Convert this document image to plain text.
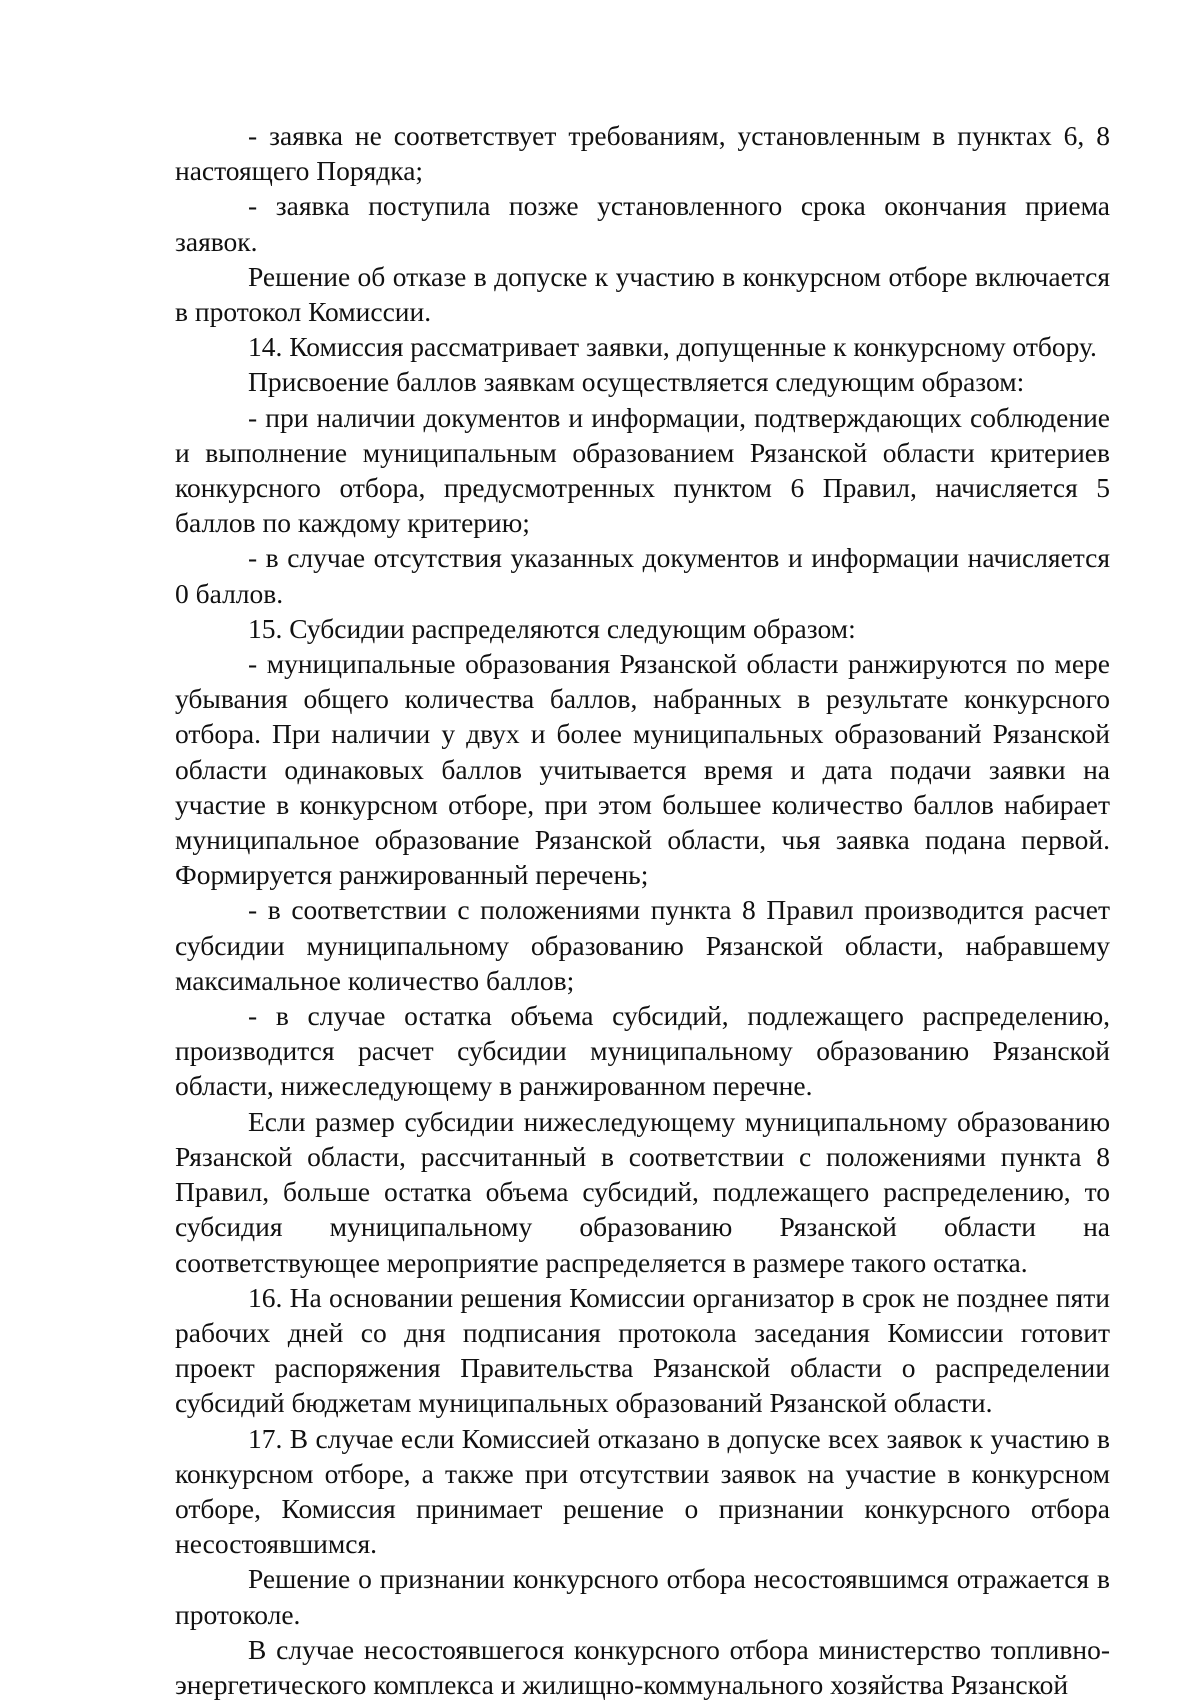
- заявка не соответствует требованиям, установленным в пунктах 6, 8 настоящего Порядка;

- заявка поступила позже установленного срока окончания приема заявок.

Решение об отказе в допуске к участию в конкурсном отборе включается в протокол Комиссии.

14. Комиссия рассматривает заявки, допущенные к конкурсному отбору.

Присвоение баллов заявкам осуществляется следующим образом:

- при наличии документов и информации, подтверждающих соблюдение и выполнение муниципальным образованием Рязанской области критериев конкурсного отбора, предусмотренных пунктом 6 Правил, начисляется 5 баллов по каждому критерию;

- в случае отсутствия указанных документов и информации начисляется 0 баллов.

15. Субсидии распределяются следующим образом:

- муниципальные образования Рязанской области ранжируются по мере убывания общего количества баллов, набранных в результате конкурсного отбора. При наличии у двух и более муниципальных образований Рязанской области одинаковых баллов учитывается время и дата подачи заявки на участие в конкурсном отборе, при этом большее количество баллов набирает муниципальное образование Рязанской области, чья заявка подана первой. Формируется ранжированный перечень;

- в соответствии с положениями пункта 8 Правил производится расчет субсидии муниципальному образованию Рязанской области, набравшему максимальное количество баллов;

- в случае остатка объема субсидий, подлежащего распределению, производится расчет субсидии муниципальному образованию Рязанской области, нижеследующему в ранжированном перечне.

Если размер субсидии нижеследующему муниципальному образованию Рязанской области, рассчитанный в соответствии с положениями пункта 8 Правил, больше остатка объема субсидий, подлежащего распределению, то субсидия муниципальному образованию Рязанской области на соответствующее мероприятие распределяется в размере такого остатка.

16. На основании решения Комиссии организатор в срок не позднее пяти рабочих дней со дня подписания протокола заседания Комиссии готовит проект распоряжения Правительства Рязанской области о распределении субсидий бюджетам муниципальных образований Рязанской области.

17. В случае если Комиссией отказано в допуске всех заявок к участию в конкурсном отборе, а также при отсутствии заявок на участие в конкурсном отборе, Комиссия принимает решение о признании конкурсного отбора несостоявшимся.

Решение о признании конкурсного отбора несостоявшимся отражается в протоколе.

В случае несостоявшегося конкурсного отбора министерство топливно-энергетического комплекса и жилищно-коммунального хозяйства Рязанской
